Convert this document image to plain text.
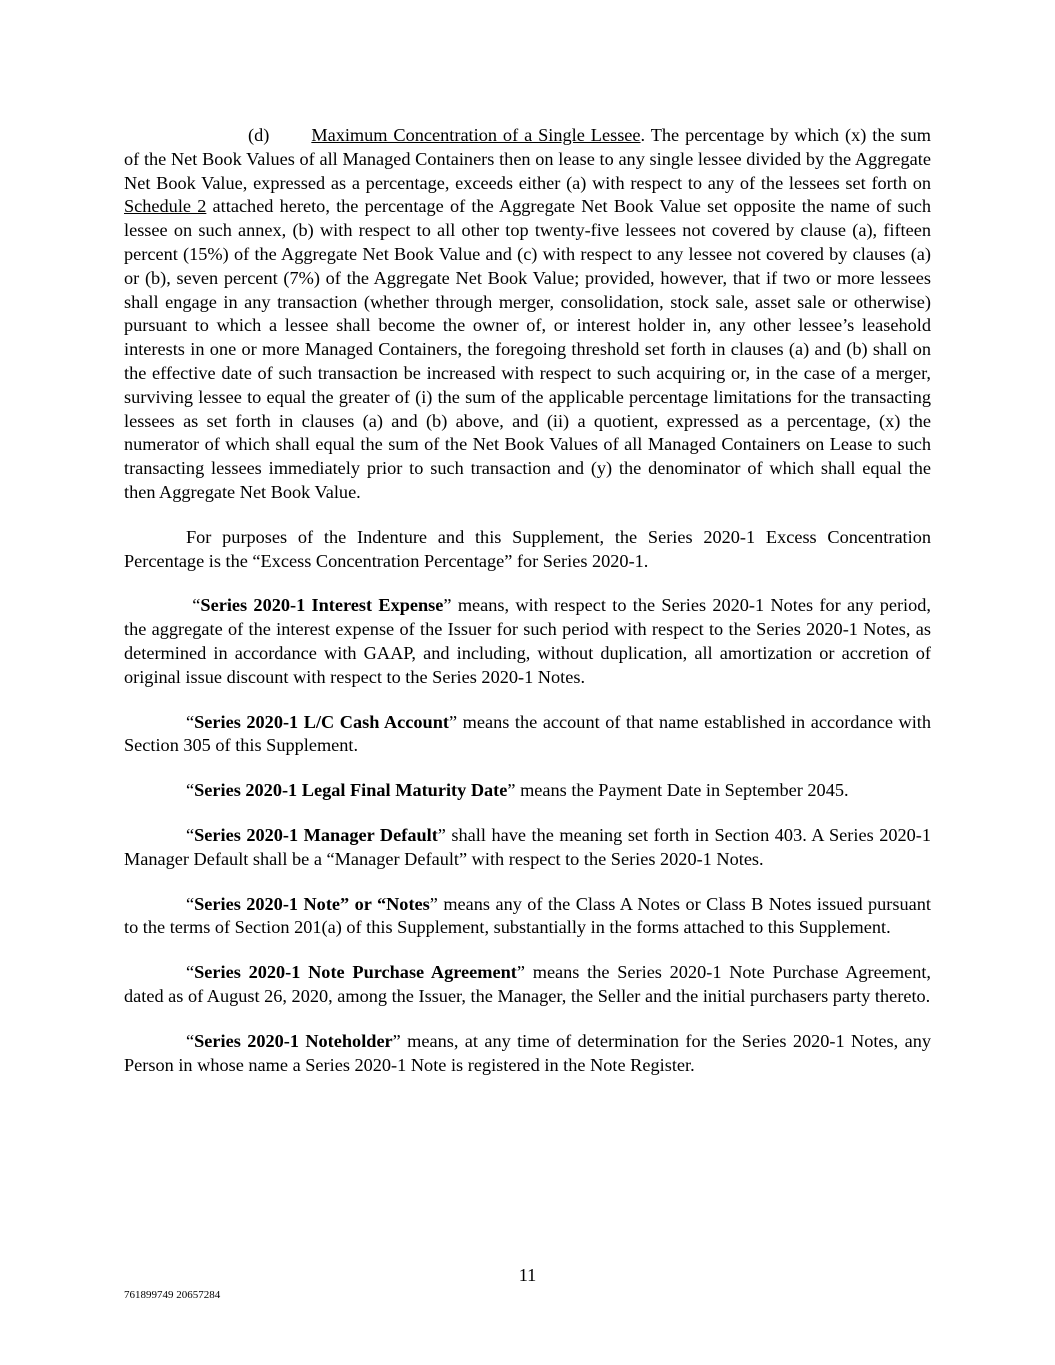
(d) Maximum Concentration of a Single Lessee. The percentage by which (x) the sum of the Net Book Values of all Managed Containers then on lease to any single lessee divided by the Aggregate Net Book Value, expressed as a percentage, exceeds either (a) with respect to any of the lessees set forth on Schedule 2 attached hereto, the percentage of the Aggregate Net Book Value set opposite the name of such lessee on such annex, (b) with respect to all other top twenty-five lessees not covered by clause (a), fifteen percent (15%) of the Aggregate Net Book Value and (c) with respect to any lessee not covered by clauses (a) or (b), seven percent (7%) of the Aggregate Net Book Value; provided, however, that if two or more lessees shall engage in any transaction (whether through merger, consolidation, stock sale, asset sale or otherwise) pursuant to which a lessee shall become the owner of, or interest holder in, any other lessee’s leasehold interests in one or more Managed Containers, the foregoing threshold set forth in clauses (a) and (b) shall on the effective date of such transaction be increased with respect to such acquiring or, in the case of a merger, surviving lessee to equal the greater of (i) the sum of the applicable percentage limitations for the transacting lessees as set forth in clauses (a) and (b) above, and (ii) a quotient, expressed as a percentage, (x) the numerator of which shall equal the sum of the Net Book Values of all Managed Containers on Lease to such transacting lessees immediately prior to such transaction and (y) the denominator of which shall equal the then Aggregate Net Book Value.

For purposes of the Indenture and this Supplement, the Series 2020-1 Excess Concentration Percentage is the “Excess Concentration Percentage” for Series 2020-1.

“Series 2020-1 Interest Expense” means, with respect to the Series 2020-1 Notes for any period, the aggregate of the interest expense of the Issuer for such period with respect to the Series 2020-1 Notes, as determined in accordance with GAAP, and including, without duplication, all amortization or accretion of original issue discount with respect to the Series 2020-1 Notes.

“Series 2020-1 L/C Cash Account” means the account of that name established in accordance with Section 305 of this Supplement.

“Series 2020-1 Legal Final Maturity Date” means the Payment Date in September 2045.

“Series 2020-1 Manager Default” shall have the meaning set forth in Section 403. A Series 2020-1 Manager Default shall be a “Manager Default” with respect to the Series 2020-1 Notes.

“Series 2020-1 Note” or “Notes” means any of the Class A Notes or Class B Notes issued pursuant to the terms of Section 201(a) of this Supplement, substantially in the forms attached to this Supplement.

“Series 2020-1 Note Purchase Agreement” means the Series 2020-1 Note Purchase Agreement, dated as of August 26, 2020, among the Issuer, the Manager, the Seller and the initial purchasers party thereto.

“Series 2020-1 Noteholder” means, at any time of determination for the Series 2020-1 Notes, any Person in whose name a Series 2020-1 Note is registered in the Note Register.

11
761899749 20657284
